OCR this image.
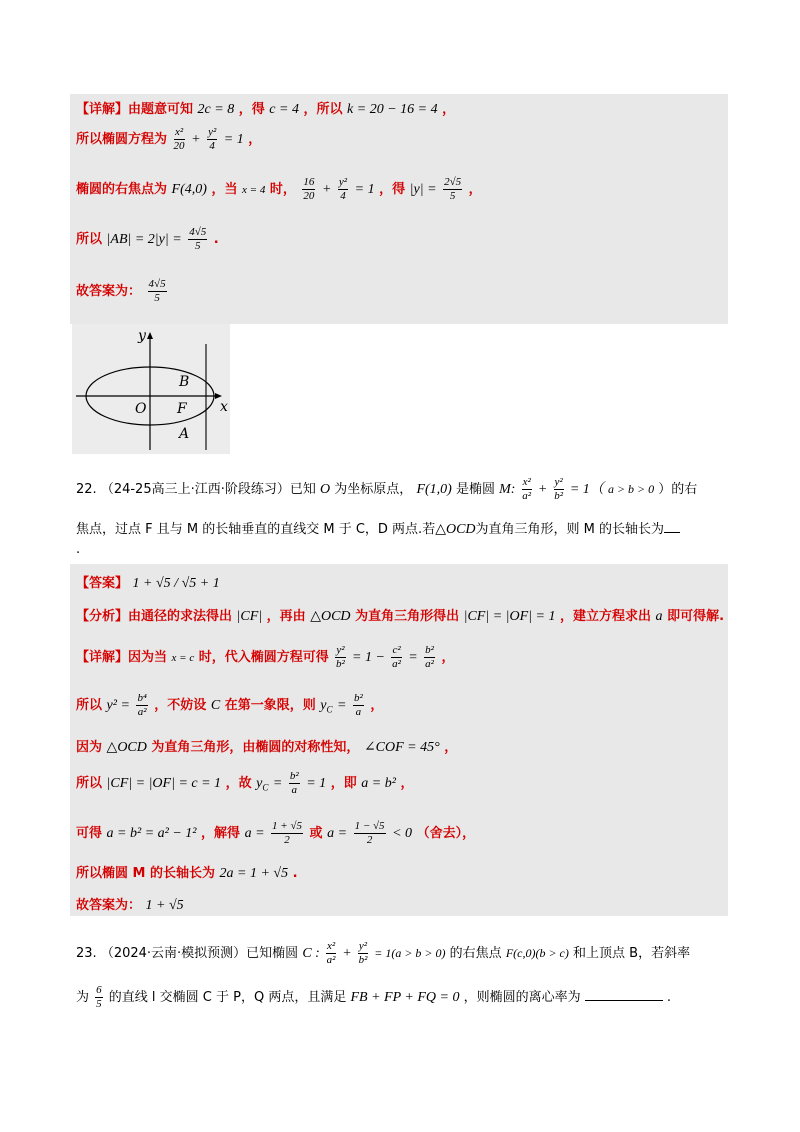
【详解】由题意可知 2c = 8 ，得 c = 4 ，所以 k = 20 − 16 = 4 ，
所以椭圆方程为 $\frac{\text{x²}}{20} + \frac{\text{y²}}{4} = 1$ ，
椭圆的右焦点为 F(4,0) ，当 x = 4 时， $\frac{16}{20} + \frac{\text{y²}}{4} = 1$ ，得 $|y| = \frac{2√5}{5}$ ，
所以 $|AB| = 2|y| = \frac{4√5}{5}$ .
故答案为： $\frac{4√5}{5}$
y
x
O F
B
A
22. （24-25高三上·江西·阶段练习）已知 O 为坐标原点， F(1,0) 是椭圆 M: $\frac{\text{x²}}{\text{a²}} + \frac{\text{y²}}{\text{b²}} = 1$（ a > b > 0 ）的右
焦点，过点 F 且与 M 的长轴垂直的直线交 M 于 C，D 两点.若△OCD为直角三角形，则 M 的长轴长为
.
【答案】 1 + √5 / √5 + 1
【分析】由通径的求法得出 |CF| ，再由 △OCD 为直角三角形得出 |CF| = |OF| = 1 ，建立方程求出 a 即可得解.
【详解】因为当 x = c 时，代入椭圆方程可得 $\frac{\text{y²}}{\text{b²}} = 1 - \frac{\text{c²}}{\text{a²}} = \frac{\text{b²}}{\text{a²}}$ ，
所以 $y^2 = \frac{\text{b⁴}}{\text{a²}}$ ，不妨设 C 在第一象限，则 $y_C = \frac{\text{b²}}{a}$ ，
因为 △OCD 为直角三角形，由椭圆的对称性知， ∠COF = 45° ，
所以 |CF| = |OF| = c = 1 ，故 $y_C = \frac{\text{b²}}{a} = 1$ ，即 a = b² ，
可得 a = b² = a² − 1² ，解得 $a = \frac{1 + √5}{2}$ 或 $a = \frac{1 - √5}{2} < 0$ （舍去），
所以椭圆 M 的长轴长为 2a = 1 + √5 .
故答案为： 1 + √5
23. （2024·云南·模拟预测）已知椭圆 C : $\frac{\text{x²}}{\text{a²}} + \frac{\text{y²}}{\text{b²}} = 1(a > b > 0)$ 的右焦点 F(c,0)(b > c) 和上顶点 B，若斜率
为 $\frac{6}{5}$ 的直线 l 交椭圆 C 于 P，Q 两点，且满足 FB + FP + FQ = 0 ，则椭圆的离心率为	.
